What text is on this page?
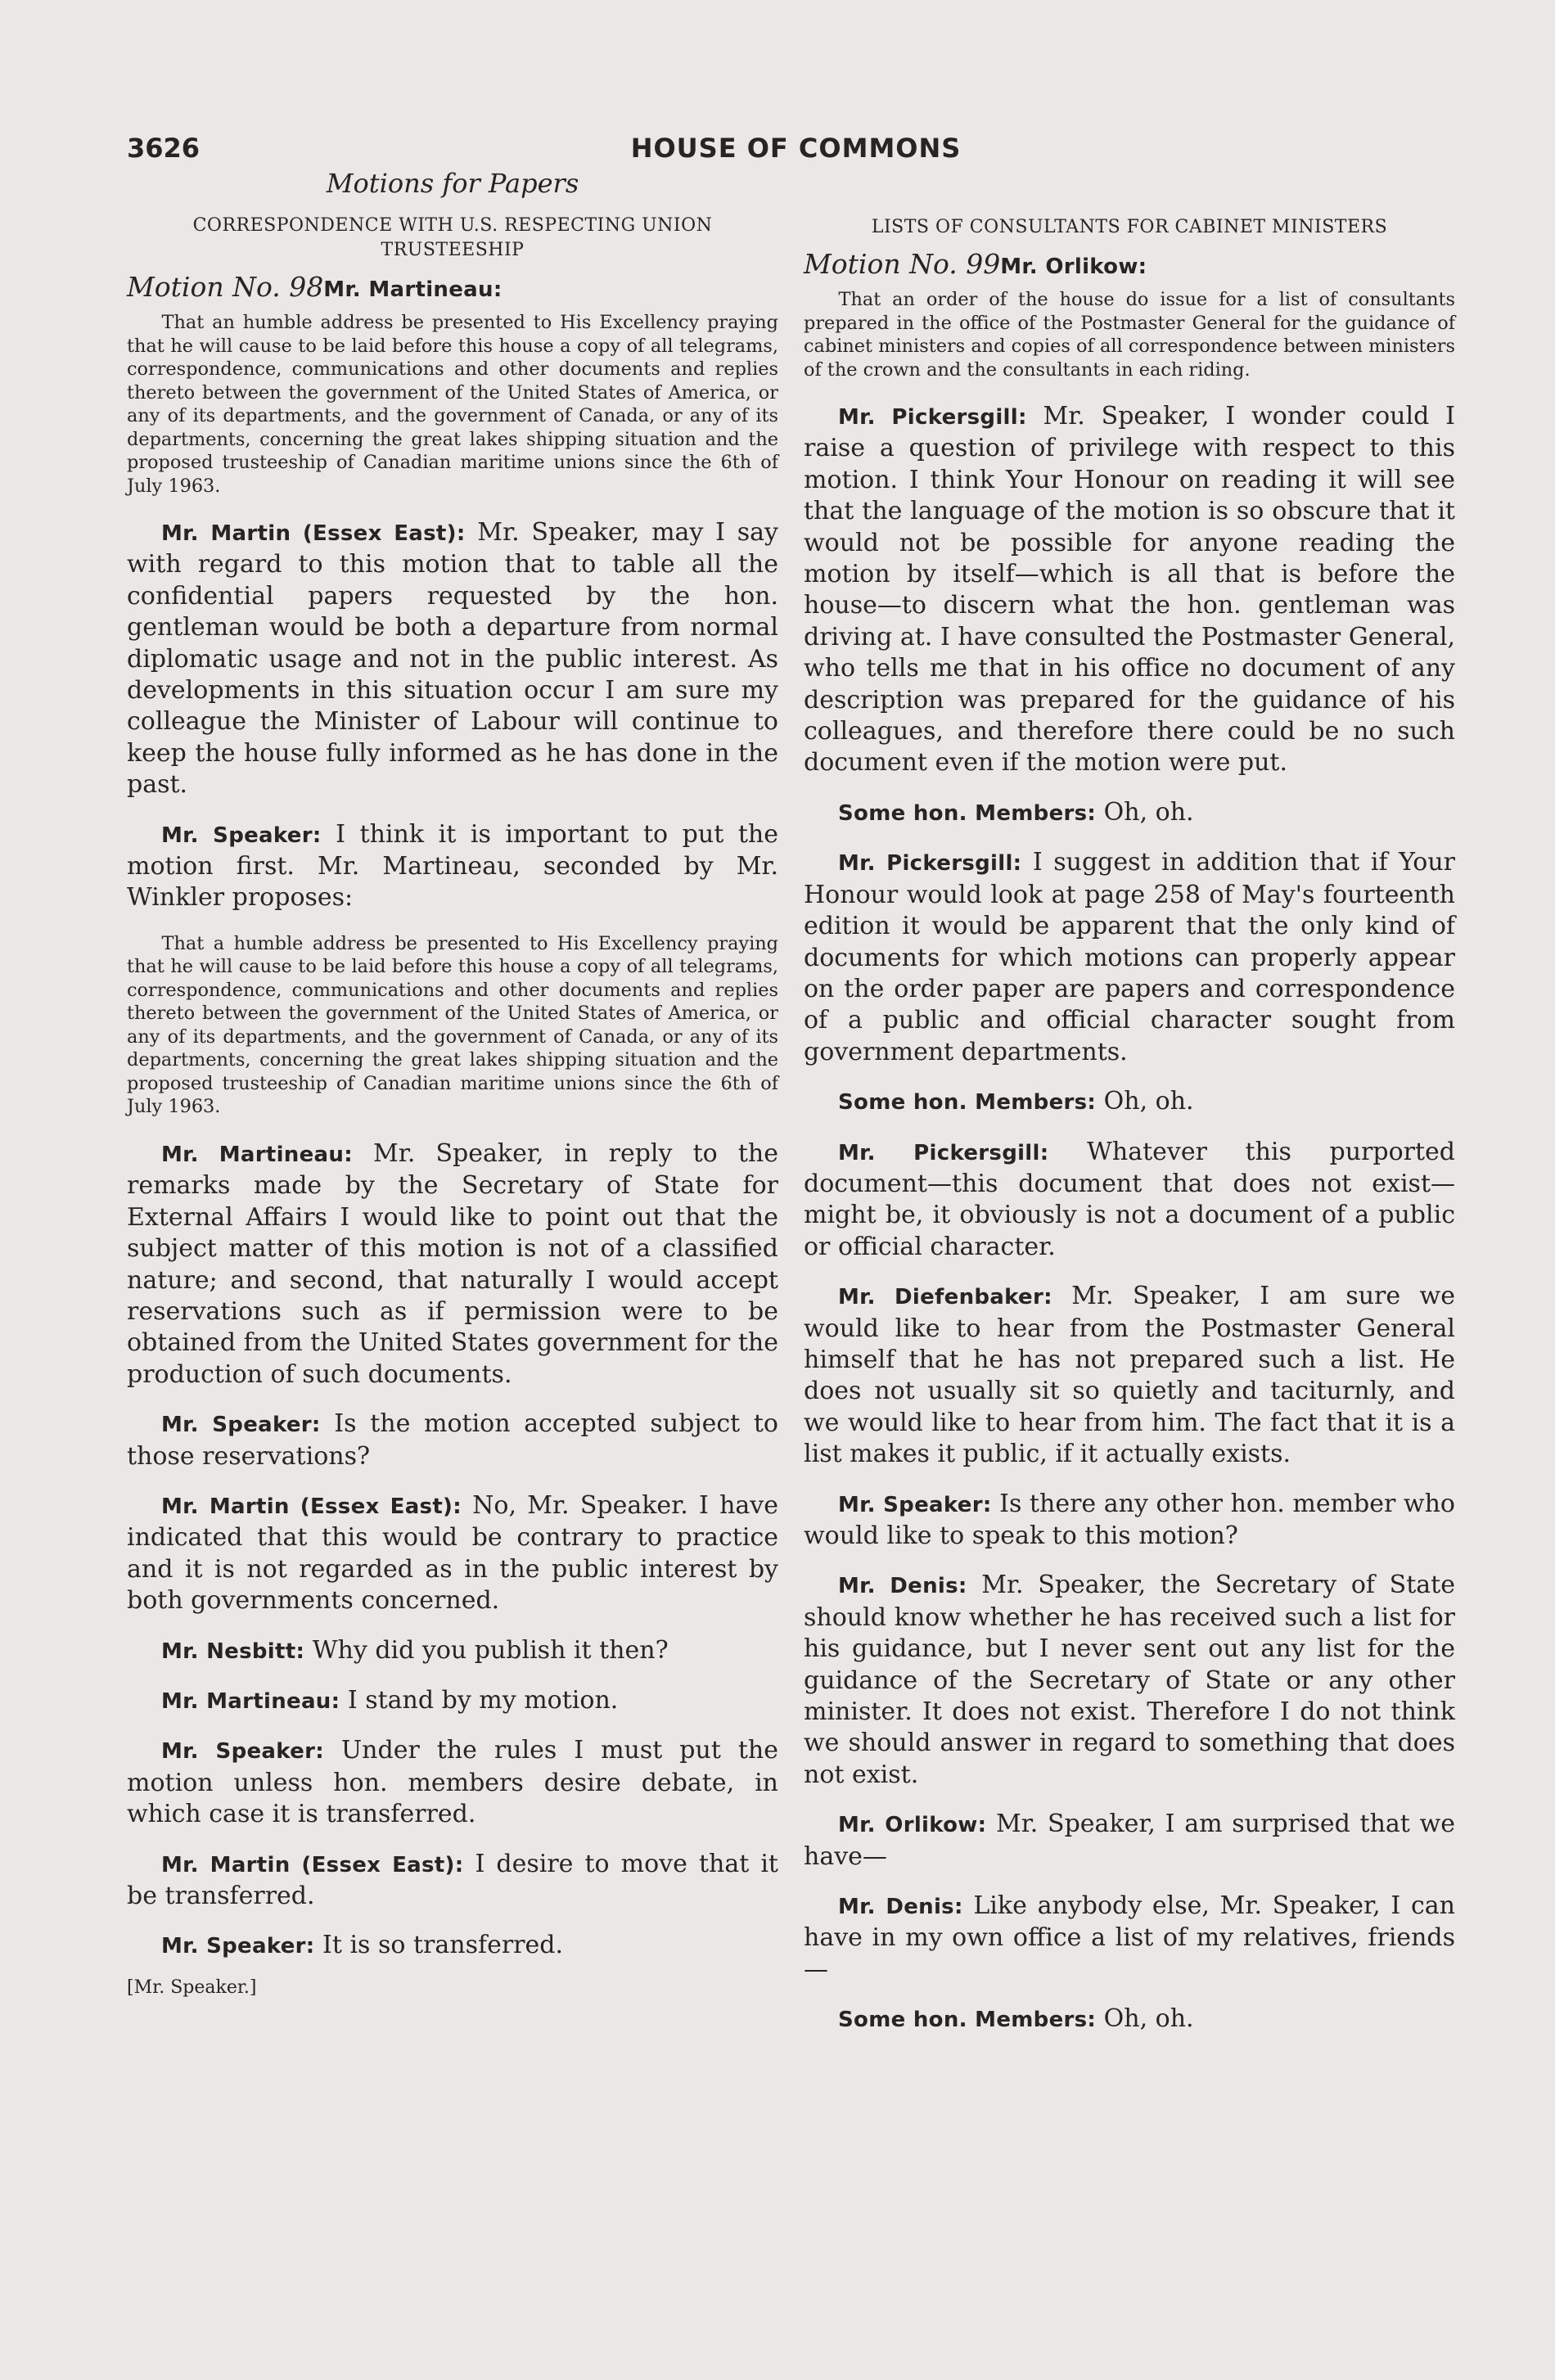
3626	HOUSE OF COMMONS
Motions for Papers
CORRESPONDENCE WITH U.S. RESPECTING UNION TRUSTEESHIP
Motion No. 98Mr. Martineau:
That an humble address be presented to His Excellency praying that he will cause to be laid before this house a copy of all telegrams, correspondence, communications and other documents and replies thereto between the government of the United States of America, or any of its departments, and the government of Canada, or any of its departments, concerning the great lakes shipping situation and the proposed trusteeship of Canadian maritime unions since the 6th of July 1963.
Mr. Martin (Essex East): Mr. Speaker, may I say with regard to this motion that to table all the confidential papers requested by the hon. gentleman would be both a departure from normal diplomatic usage and not in the public interest. As developments in this situation occur I am sure my colleague the Minister of Labour will continue to keep the house fully informed as he has done in the past.
Mr. Speaker: I think it is important to put the motion first. Mr. Martineau, seconded by Mr. Winkler proposes:
That a humble address be presented to His Excellency praying that he will cause to be laid before this house a copy of all telegrams, correspondence, communications and other documents and replies thereto between the government of the United States of America, or any of its departments, and the government of Canada, or any of its departments, concerning the great lakes shipping situation and the proposed trusteeship of Canadian maritime unions since the 6th of July 1963.
Mr. Martineau: Mr. Speaker, in reply to the remarks made by the Secretary of State for External Affairs I would like to point out that the subject matter of this motion is not of a classified nature; and second, that naturally I would accept reservations such as if permission were to be obtained from the United States government for the production of such documents.
Mr. Speaker: Is the motion accepted subject to those reservations?
Mr. Martin (Essex East): No, Mr. Speaker. I have indicated that this would be contrary to practice and it is not regarded as in the public interest by both governments concerned.
Mr. Nesbitt: Why did you publish it then?
Mr. Martineau: I stand by my motion.
Mr. Speaker: Under the rules I must put the motion unless hon. members desire debate, in which case it is transferred.
Mr. Martin (Essex East): I desire to move that it be transferred.
Mr. Speaker: It is so transferred.
[Mr. Speaker.]
LISTS OF CONSULTANTS FOR CABINET MINISTERS
Motion No. 99Mr. Orlikow:
That an order of the house do issue for a list of consultants prepared in the office of the Postmaster General for the guidance of cabinet ministers and copies of all correspondence between ministers of the crown and the consultants in each riding.
Mr. Pickersgill: Mr. Speaker, I wonder could I raise a question of privilege with respect to this motion. I think Your Honour on reading it will see that the language of the motion is so obscure that it would not be possible for anyone reading the motion by itself—which is all that is before the house—to discern what the hon. gentleman was driving at. I have consulted the Postmaster General, who tells me that in his office no document of any description was prepared for the guidance of his colleagues, and therefore there could be no such document even if the motion were put.
Some hon. Members: Oh, oh.
Mr. Pickersgill: I suggest in addition that if Your Honour would look at page 258 of May's fourteenth edition it would be apparent that the only kind of documents for which motions can properly appear on the order paper are papers and correspondence of a public and official character sought from government departments.
Some hon. Members: Oh, oh.
Mr. Pickersgill: Whatever this purported document—this document that does not exist—might be, it obviously is not a document of a public or official character.
Mr. Diefenbaker: Mr. Speaker, I am sure we would like to hear from the Postmaster General himself that he has not prepared such a list. He does not usually sit so quietly and taciturnly, and we would like to hear from him. The fact that it is a list makes it public, if it actually exists.
Mr. Speaker: Is there any other hon. member who would like to speak to this motion?
Mr. Denis: Mr. Speaker, the Secretary of State should know whether he has received such a list for his guidance, but I never sent out any list for the guidance of the Secretary of State or any other minister. It does not exist. Therefore I do not think we should answer in regard to something that does not exist.
Mr. Orlikow: Mr. Speaker, I am surprised that we have—
Mr. Denis: Like anybody else, Mr. Speaker, I can have in my own office a list of my relatives, friends—
Some hon. Members: Oh, oh.
